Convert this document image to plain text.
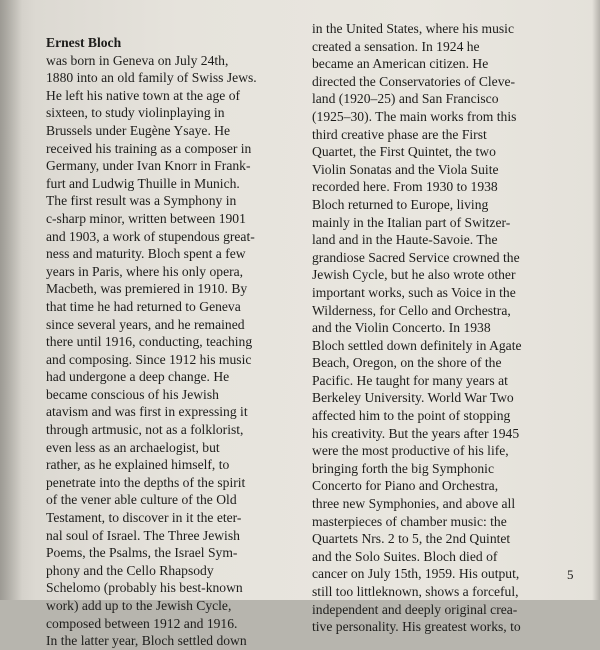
Ernest Bloch
was born in Geneva on July 24th,
1880 into an old family of Swiss Jews.
He left his native town at the age of
sixteen, to study violinplaying in
Brussels under Eugène Ysaye. He
received his training as a composer in
Germany, under Ivan Knorr in Frank-
furt and Ludwig Thuille in Munich.
The first result was a Symphony in
c-sharp minor, written between 1901
and 1903, a work of stupendous great-
ness and maturity. Bloch spent a few
years in Paris, where his only opera,
Macbeth, was premiered in 1910. By
that time he had returned to Geneva
since several years, and he remained
there until 1916, conducting, teaching
and composing. Since 1912 his music
had undergone a deep change. He
became conscious of his Jewish
atavism and was first in expressing it
through artmusic, not as a folklorist,
even less as an archaelogist, but
rather, as he explained himself, to
penetrate into the depths of the spirit
of the vener able culture of the Old
Testament, to discover in it the eter-
nal soul of Israel. The Three Jewish
Poems, the Psalms, the Israel Sym-
phony and the Cello Rhapsody
Schelomo (probably his best-known
work) add up to the Jewish Cycle,
composed between 1912 and 1916.
In the latter year, Bloch settled down
in the United States, where his music
created a sensation. In 1924 he
became an American citizen. He
directed the Conservatories of Cleve-
land (1920–25) and San Francisco
(1925–30). The main works from this
third creative phase are the First
Quartet, the First Quintet, the two
Violin Sonatas and the Viola Suite
recorded here. From 1930 to 1938
Bloch returned to Europe, living
mainly in the Italian part of Switzer-
land and in the Haute-Savoie. The
grandiose Sacred Service crowned the
Jewish Cycle, but he also wrote other
important works, such as Voice in the
Wilderness, for Cello and Orchestra,
and the Violin Concerto. In 1938
Bloch settled down definitely in Agate
Beach, Oregon, on the shore of the
Pacific. He taught for many years at
Berkeley University. World War Two
affected him to the point of stopping
his creativity. But the years after 1945
were the most productive of his life,
bringing forth the big Symphonic
Concerto for Piano and Orchestra,
three new Symphonies, and above all
masterpieces of chamber music: the
Quartets Nrs. 2 to 5, the 2nd Quintet
and the Solo Suites. Bloch died of
cancer on July 15th, 1959. His output,
still too littleknown, shows a forceful,
independent and deeply original crea-
tive personality. His greatest works, to
5
